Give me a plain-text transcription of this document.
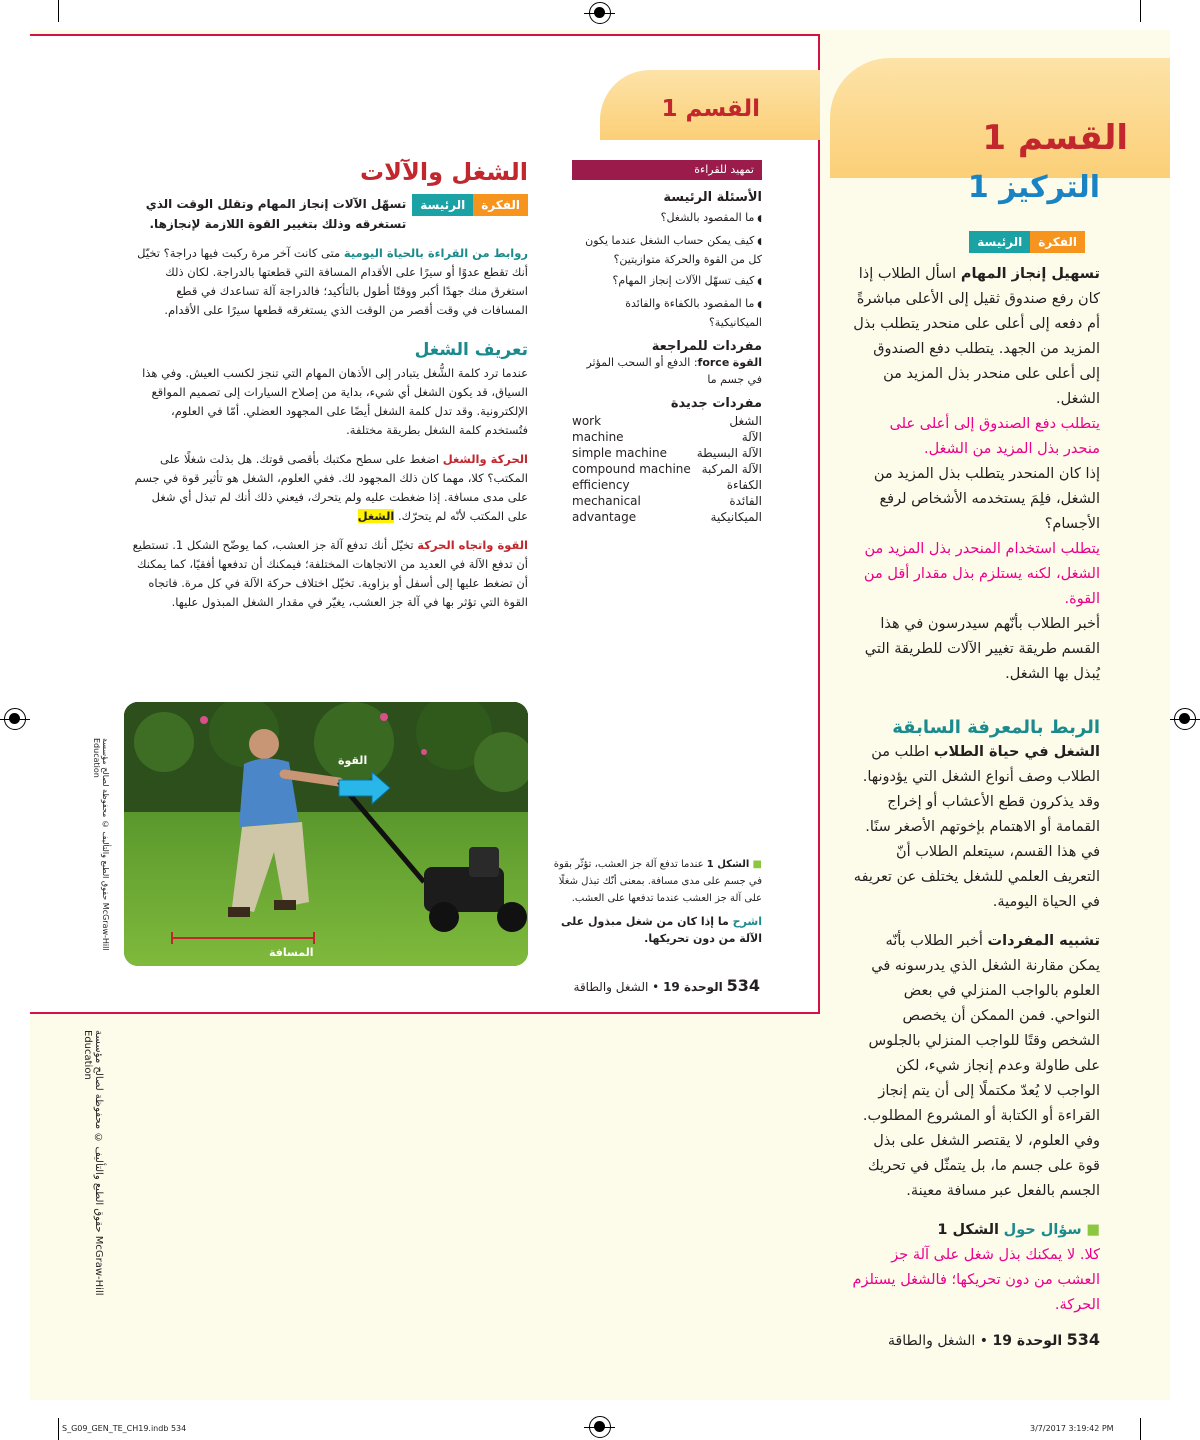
القسم 1
التركيز 1
الرئيسة الفكرة

تسهيل إنجاز المهام اسأل الطلاب إذا كان رفع صندوق ثقيل إلى الأعلى مباشرةً أم دفعه إلى أعلى على منحدر يتطلب بذل المزيد من الجهد. يتطلب دفع الصندوق إلى أعلى على منحدر بذل المزيد من الشغل.

يتطلب دفع الصندوق إلى أعلى على منحدر بذل المزيد من الشغل.

إذا كان المنحدر يتطلب بذل المزيد من الشغل، فلِمَ يستخدمه الأشخاص لرفع الأجسام؟

يتطلب استخدام المنحدر بذل المزيد من الشغل، لكنه يستلزم بذل مقدار أقل من القوة.

أخبر الطلاب بأنّهم سيدرسون في هذا القسم طريقة تغيير الآلات للطريقة التي يُبذل بها الشغل.

الربط بالمعرفة السابقة

الشغل في حياة الطلاب اطلب من الطلاب وصف أنواع الشغل التي يؤدونها. وقد يذكرون قطع الأعشاب أو إخراج القمامة أو الاهتمام بإخوتهم الأصغر سنًا. في هذا القسم، سيتعلم الطلاب أنّ التعريف العلمي للشغل يختلف عن تعريفه في الحياة اليومية.

تشبيه المفردات أخبر الطلاب بأنّه يمكن مقارنة الشغل الذي يدرسونه في العلوم بالواجب المنزلي في بعض النواحي. فمن الممكن أن يخصص الشخص وقتًا للواجب المنزلي بالجلوس على طاولة وعدم إنجاز شيء، لكن الواجب لا يُعدّ مكتملًا إلى أن يتم إنجاز القراءة أو الكتابة أو المشروع المطلوب. وفي العلوم، لا يقتصر الشغل على بذل قوة على جسم ما، بل يتمثّل في تحريك الجسم بالفعل عبر مسافة معينة.

■ سؤال حول الشكل 1

كلا. لا يمكنك بذل شغل على آلة جز العشب من دون تحريكها؛ فالشغل يستلزم الحركة.

534 الوحدة 19 • الشغل والطاقة
حقوق الطبع والتأليف © محفوظة لصالح مؤسسة McGraw-Hill Education
القسم 1
تمهيد للقراءة
الأسئلة الرئيسة
◖ ما المقصود بالشغل؟
◖ كيف يمكن حساب الشغل عندما يكون كل من القوة والحركة متوازيتين؟
◖ كيف تسهّل الآلات إنجاز المهام؟
◖ ما المقصود بالكفاءة والفائدة الميكانيكية؟
مفردات للمراجعة

القوة force: الدفع أو السحب المؤثر في جسم ما

مفردات جديدة
الشغل
work
الآلة
machine
الآلة البسيطة
simple machine
الآلة المركبة
compound machine
الكفاءة
efficiency
الفائدة الميكانيكية
mechanical advantage
الشغل والآلات
الفكرةالرئيسة

تسهّل الآلات إنجاز المهام وتقلل الوقت الذي تستغرقه وذلك بتغيير القوة اللازمة لإنجازها.

روابط من القراءة بالحياة اليومية متى كانت آخر مرة ركبت فيها دراجة؟ تخيّل أنك تقطع عدوًا أو سيرًا على الأقدام المسافة التي قطعتها بالدراجة. لكان ذلك استغرق منك جهدًا أكبر ووقتًا أطول بالتأكيد؛ فالدراجة آلة تساعدك في قطع المسافات في وقت أقصر من الوقت الذي يستغرقه قطعها سيرًا على الأقدام.

تعريف الشغل

عندما ترد كلمة الشُّغل يتبادر إلى الأذهان المهام التي تنجز لكسب العيش. وفي هذا السياق، قد يكون الشغل أي شيء، بداية من إصلاح السيارات إلى تصميم المواقع الإلكترونية. وقد تدل كلمة الشغل أيضًا على المجهود العضلي. أمّا في العلوم، فتُستخدم كلمة الشغل بطريقة مختلفة.

الحركة والشغل اضغط على سطح مكتبك بأقصى قوتك. هل بذلت شغلًا على المكتب؟ كلا، مهما كان ذلك المجهود لك. ففي العلوم، الشغل هو تأثير قوة في جسم على مدى مسافة. إذا ضغطت عليه ولم يتحرك، فيعني ذلك أنك لم تبذل أي شغل على المكتب لأنّه لم يتحرّك. الشغل

القوة واتجاه الحركة تخيّل أنك تدفع آلة جز العشب، كما يوضّح الشكل 1. تستطيع أن تدفع الآلة في العديد من الاتجاهات المختلفة؛ فيمكنك أن تدفعها أفقيًا، كما يمكنك أن تضغط عليها إلى أسفل أو بزاوية. تخيّل اختلاف حركة الآلة في كل مرة. فاتجاه القوة التي تؤثر بها في آلة جز العشب، يغيّر في مقدار الشغل المبذول عليها.

القوة
المسافة

■ الشكل 1 عندما تدفع آلة جز العشب، تؤثّر بقوة في جسم على مدى مسافة. بمعنى أنّك تبذل شغلًا على آلة جز العشب عندما تدفعها على العشب.

اشرح ما إذا كان من شغل مبذول على الآلة من دون تحريكها.

534 الوحدة 19 • الشغل والطاقة
حقوق الطبع والتأليف © محفوظة لصالح مؤسسة McGraw-Hill Education
S_G09_GEN_TE_CH19.indb 534	3/7/2017 3:19:42 PM
